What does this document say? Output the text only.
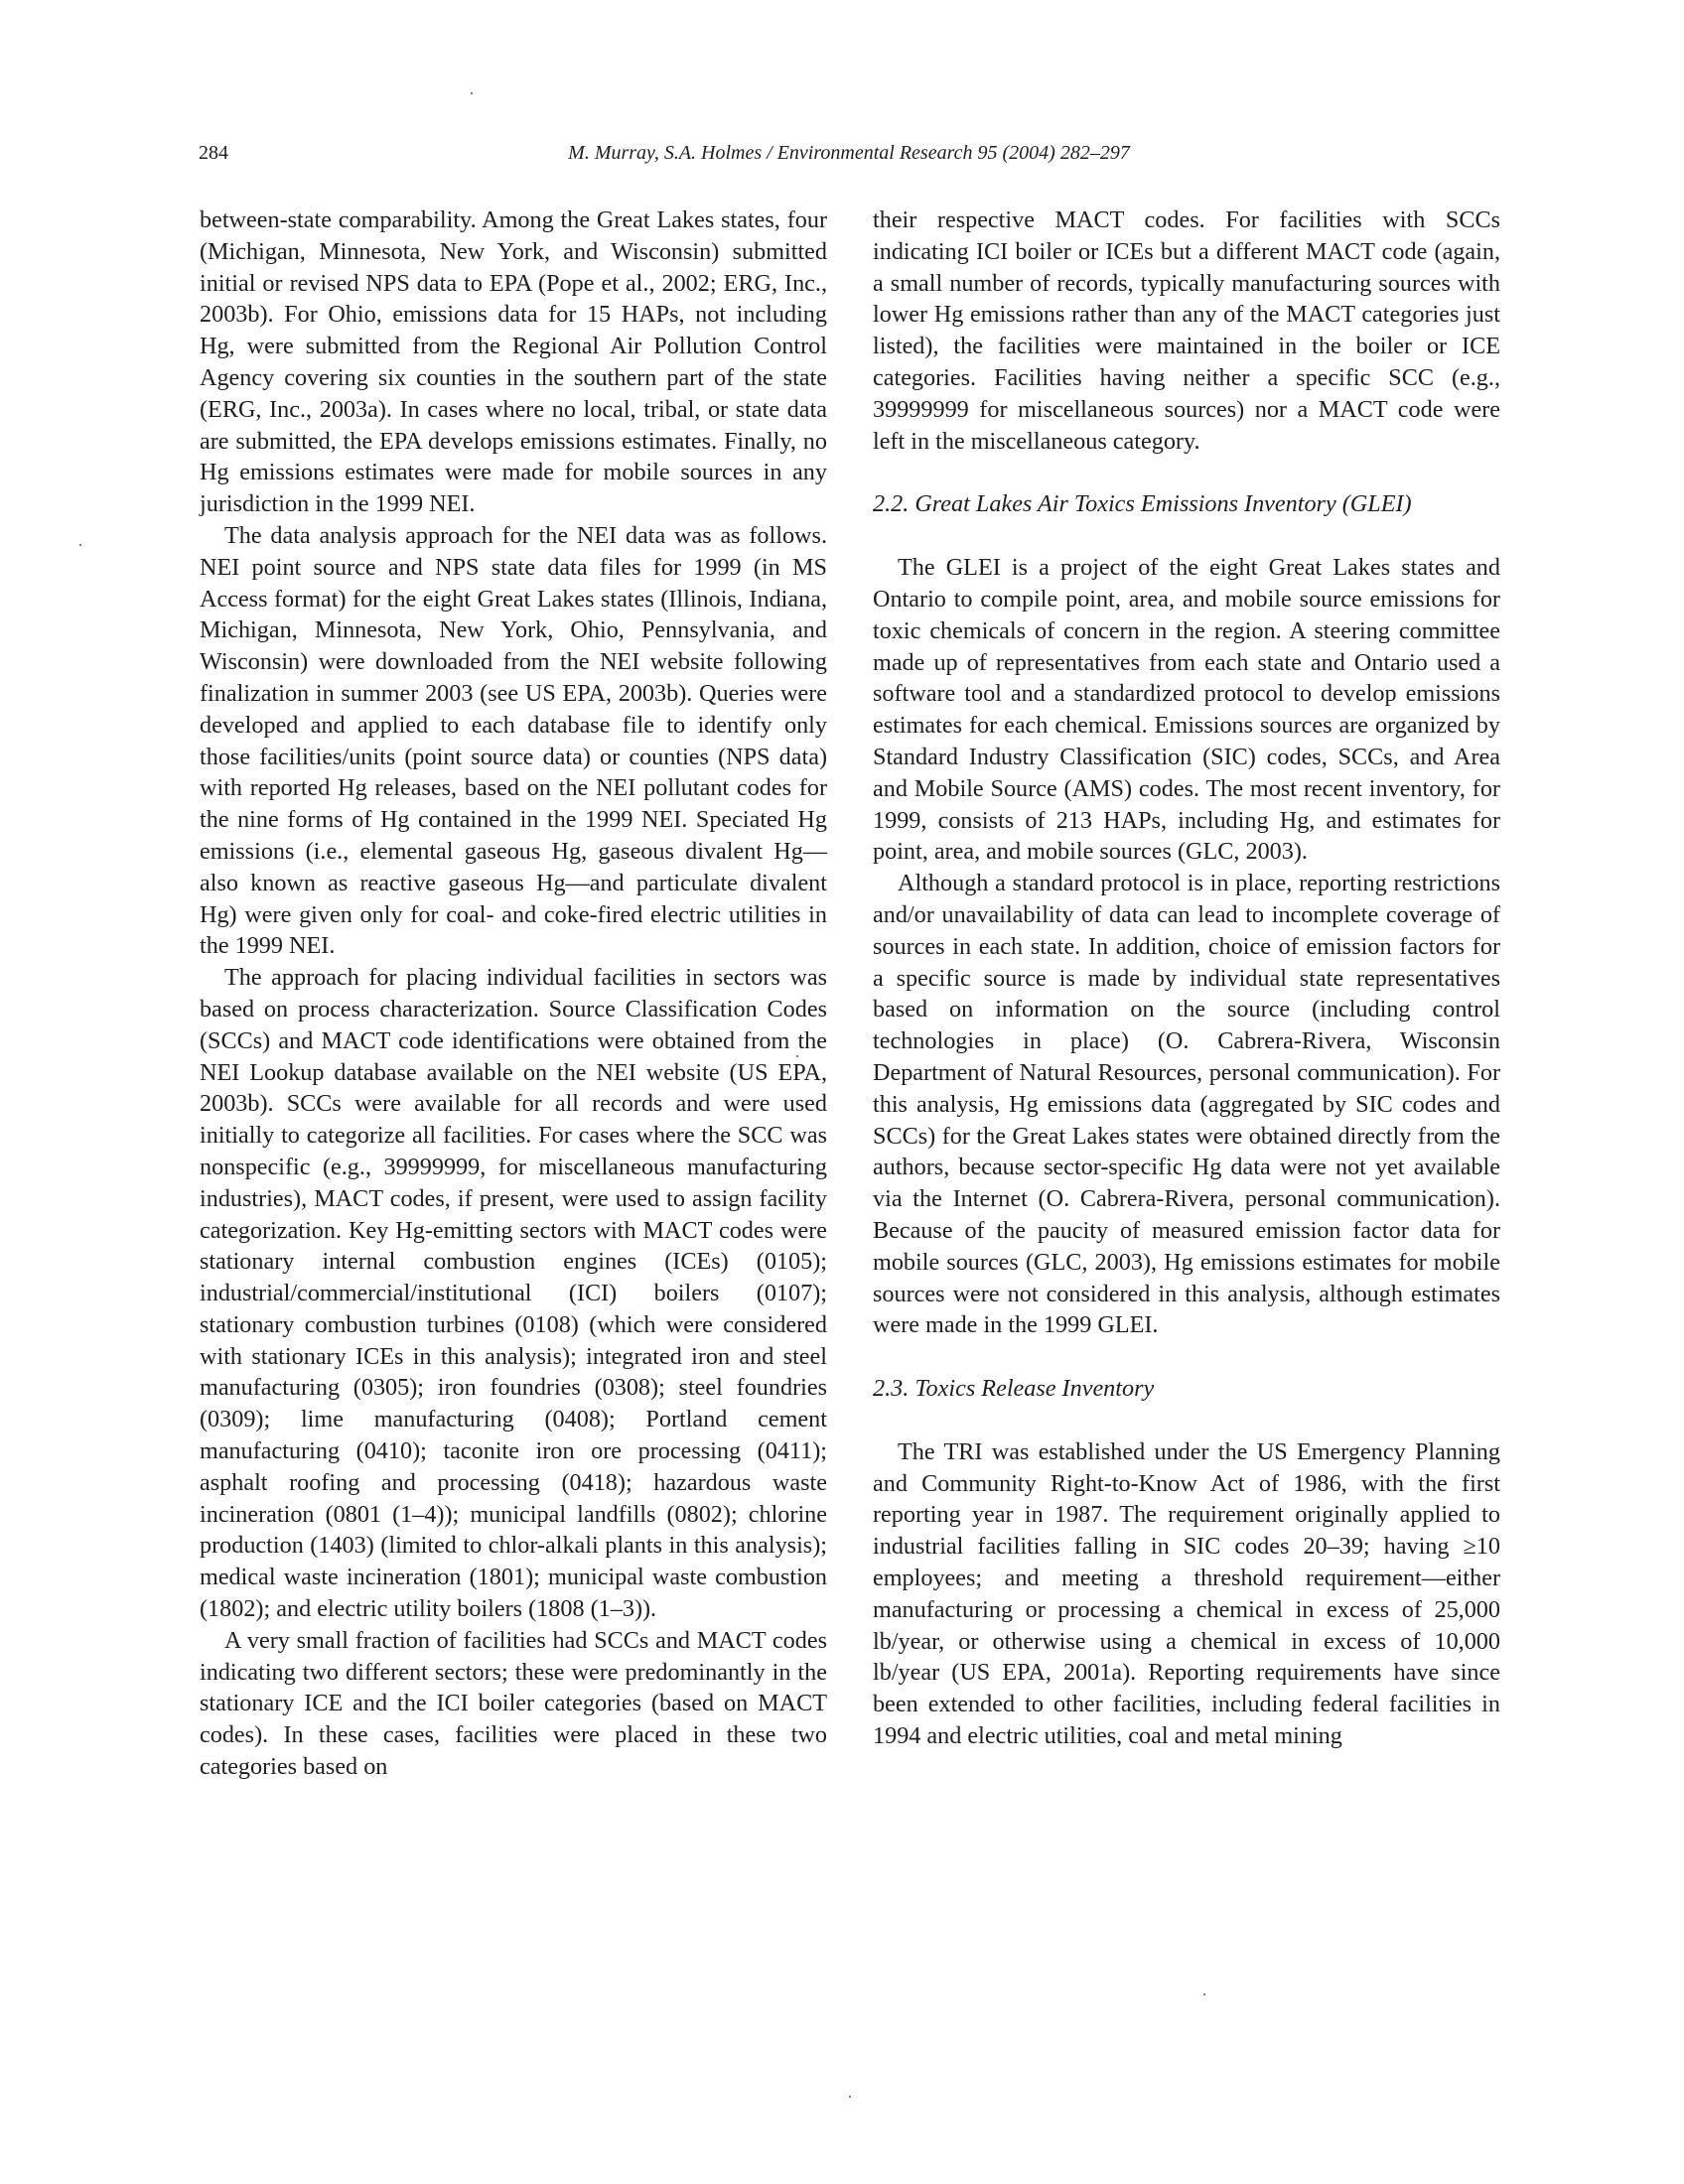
284	M. Murray, S.A. Holmes / Environmental Research 95 (2004) 282–297

between-state comparability. Among the Great Lakes states, four (Michigan, Minnesota, New York, and Wisconsin) submitted initial or revised NPS data to EPA (Pope et al., 2002; ERG, Inc., 2003b). For Ohio, emissions data for 15 HAPs, not including Hg, were submitted from the Regional Air Pollution Control Agency covering six counties in the southern part of the state (ERG, Inc., 2003a). In cases where no local, tribal, or state data are submitted, the EPA develops emissions estimates. Finally, no Hg emissions estimates were made for mobile sources in any jurisdiction in the 1999 NEI.

The data analysis approach for the NEI data was as follows. NEI point source and NPS state data files for 1999 (in MS Access format) for the eight Great Lakes states (Illinois, Indiana, Michigan, Minnesota, New York, Ohio, Pennsylvania, and Wisconsin) were downloaded from the NEI website following finalization in summer 2003 (see US EPA, 2003b). Queries were developed and applied to each database file to identify only those facilities/units (point source data) or counties (NPS data) with reported Hg releases, based on the NEI pollutant codes for the nine forms of Hg contained in the 1999 NEI. Speciated Hg emissions (i.e., elemental gaseous Hg, gaseous divalent Hg—also known as reactive gaseous Hg—and particulate divalent Hg) were given only for coal- and coke-fired electric utilities in the 1999 NEI.

The approach for placing individual facilities in sectors was based on process characterization. Source Classification Codes (SCCs) and MACT code identifications were obtained from the NEI Lookup database available on the NEI website (US EPA, 2003b). SCCs were available for all records and were used initially to categorize all facilities. For cases where the SCC was nonspecific (e.g., 39999999, for miscellaneous manufacturing industries), MACT codes, if present, were used to assign facility categorization. Key Hg-emitting sectors with MACT codes were stationary internal combustion engines (ICEs) (0105); industrial/commercial/institutional (ICI) boilers (0107); stationary combustion turbines (0108) (which were considered with stationary ICEs in this analysis); integrated iron and steel manufacturing (0305); iron foundries (0308); steel foundries (0309); lime manufacturing (0408); Portland cement manufacturing (0410); taconite iron ore processing (0411); asphalt roofing and processing (0418); hazardous waste incineration (0801 (1–4)); municipal landfills (0802); chlorine production (1403) (limited to chlor-alkali plants in this analysis); medical waste incineration (1801); municipal waste combustion (1802); and electric utility boilers (1808 (1–3)).

A very small fraction of facilities had SCCs and MACT codes indicating two different sectors; these were predominantly in the stationary ICE and the ICI boiler categories (based on MACT codes). In these cases, facilities were placed in these two categories based on

their respective MACT codes. For facilities with SCCs indicating ICI boiler or ICEs but a different MACT code (again, a small number of records, typically manufacturing sources with lower Hg emissions rather than any of the MACT categories just listed), the facilities were maintained in the boiler or ICE categories. Facilities having neither a specific SCC (e.g., 39999999 for miscellaneous sources) nor a MACT code were left in the miscellaneous category.

2.2. Great Lakes Air Toxics Emissions Inventory (GLEI)

The GLEI is a project of the eight Great Lakes states and Ontario to compile point, area, and mobile source emissions for toxic chemicals of concern in the region. A steering committee made up of representatives from each state and Ontario used a software tool and a standardized protocol to develop emissions estimates for each chemical. Emissions sources are organized by Standard Industry Classification (SIC) codes, SCCs, and Area and Mobile Source (AMS) codes. The most recent inventory, for 1999, consists of 213 HAPs, including Hg, and estimates for point, area, and mobile sources (GLC, 2003).

Although a standard protocol is in place, reporting restrictions and/or unavailability of data can lead to incomplete coverage of sources in each state. In addition, choice of emission factors for a specific source is made by individual state representatives based on information on the source (including control technologies in place) (O. Cabrera-Rivera, Wisconsin Department of Natural Resources, personal communication). For this analysis, Hg emissions data (aggregated by SIC codes and SCCs) for the Great Lakes states were obtained directly from the authors, because sector-specific Hg data were not yet available via the Internet (O. Cabrera-Rivera, personal communication). Because of the paucity of measured emission factor data for mobile sources (GLC, 2003), Hg emissions estimates for mobile sources were not considered in this analysis, although estimates were made in the 1999 GLEI.

2.3. Toxics Release Inventory

The TRI was established under the US Emergency Planning and Community Right-to-Know Act of 1986, with the first reporting year in 1987. The requirement originally applied to industrial facilities falling in SIC codes 20–39; having ≥10 employees; and meeting a threshold requirement—either manufacturing or processing a chemical in excess of 25,000 lb/year, or otherwise using a chemical in excess of 10,000 lb/year (US EPA, 2001a). Reporting requirements have since been extended to other facilities, including federal facilities in 1994 and electric utilities, coal and metal mining
